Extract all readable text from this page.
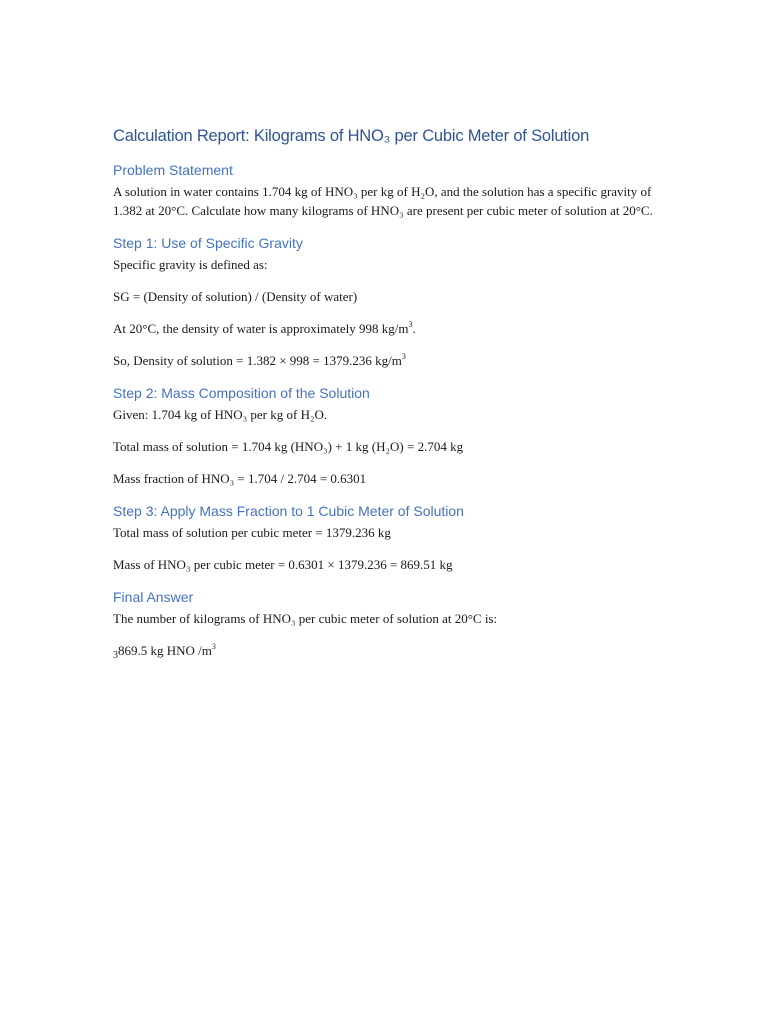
Calculation Report: Kilograms of HNO₃ per Cubic Meter of Solution
Problem Statement

A solution in water contains 1.704 kg of HNO₃ per kg of H₂O, and the solution has a specific gravity of 1.382 at 20°C. Calculate how many kilograms of HNO₃ are present per cubic meter of solution at 20°C.

Step 1: Use of Specific Gravity

Specific gravity is defined as:

SG = (Density of solution) / (Density of water)

At 20°C, the density of water is approximately 998 $kg/m^3$.

So, Density of solution = 1.382 × 998 = 1379.236 $kg/m^3$

Step 2: Mass Composition of the Solution

Given: 1.704 kg of HNO₃ per kg of H₂O.

Total mass of solution = 1.704 kg (HNO₃) + 1 kg (H₂O) = 2.704 kg

Mass fraction of HNO₃ = 1.704 / 2.704 = 0.6301

Step 3: Apply Mass Fraction to 1 Cubic Meter of Solution

Total mass of solution per cubic meter = 1379.236 kg

Mass of HNO₃ per cubic meter = 0.6301 × 1379.236 = 869.51 kg

Final Answer

The number of kilograms of HNO₃ per cubic meter of solution at 20°C is:

$_3$869.5 kg HNO $/m^3$
